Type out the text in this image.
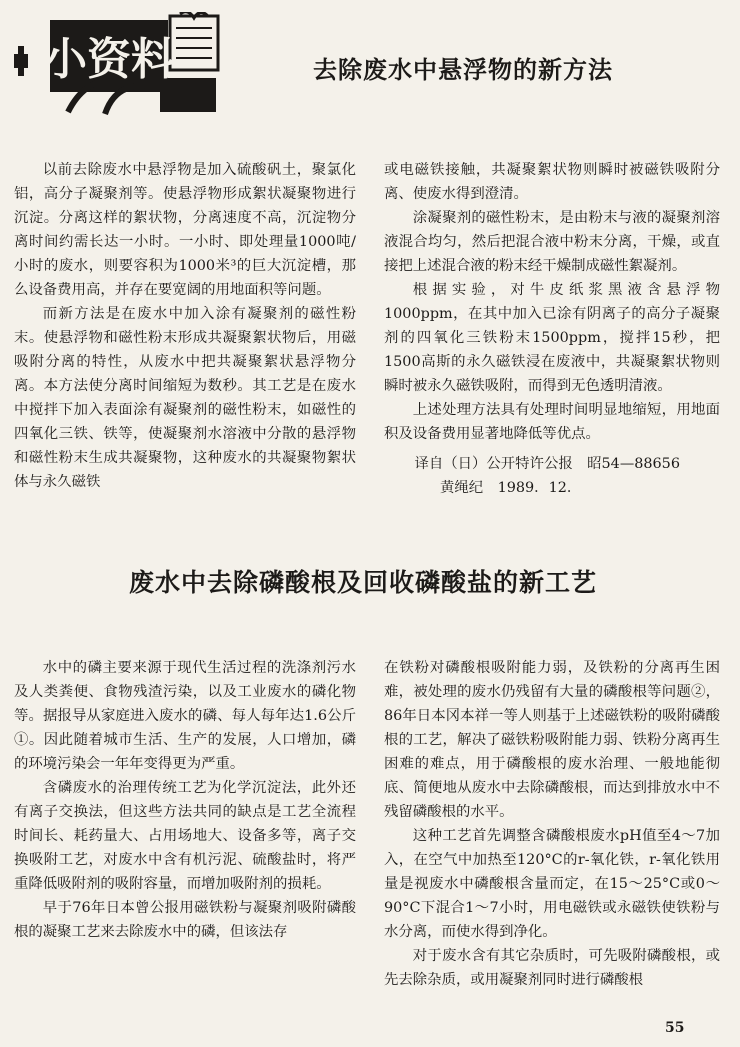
小资料	去除废水中悬浮物的新方法

以前去除废水中悬浮物是加入硫酸矾土，聚氯化铝，高分子凝聚剂等。使悬浮物形成絮状凝聚物进行沉淀。分离这样的絮状物，分离速度不高，沉淀物分离时间约需长达一小时。一小时、即处理量1000吨/小时的废水，则要容积为1000米³的巨大沉淀槽，那么设备费用高，并存在要宽阔的用地面积等问题。

而新方法是在废水中加入涂有凝聚剂的磁性粉末。使悬浮物和磁性粉末形成共凝聚絮状物后，用磁吸附分离的特性，从废水中把共凝聚絮状悬浮物分离。本方法使分离时间缩短为数秒。其工艺是在废水中搅拌下加入表面涂有凝聚剂的磁性粉末，如磁性的四氧化三铁、铁等，使凝聚剂水溶液中分散的悬浮物和磁性粉末生成共凝聚物，这种废水的共凝聚物絮状体与永久磁铁

或电磁铁接触，共凝聚絮状物则瞬时被磁铁吸附分离、使废水得到澄清。

涂凝聚剂的磁性粉末，是由粉末与液的凝聚剂溶液混合均匀，然后把混合液中粉末分离，干燥，或直接把上述混合液的粉末经干燥制成磁性絮凝剂。

根据实验，对牛皮纸浆黑液含悬浮物1000ppm，在其中加入已涂有阴离子的高分子凝聚剂的四氧化三铁粉末1500ppm，搅拌15秒，把1500高斯的永久磁铁浸在废液中，共凝聚絮状物则瞬时被永久磁铁吸附，而得到无色透明清液。

上述处理方法具有处理时间明显地缩短，用地面积及设备费用显著地降低等优点。

译自（日）公开特许公报　昭54—88656
黄绳纪　1989．12．
废水中去除磷酸根及回收磷酸盐的新工艺

水中的磷主要来源于现代生活过程的洗涤剂污水及人类粪便、食物残渣污染，以及工业废水的磷化物等。据报导从家庭进入废水的磷、每人每年达1.6公斤①。因此随着城市生活、生产的发展，人口增加，磷的环境污染会一年年变得更为严重。

含磷废水的治理传统工艺为化学沉淀法，此外还有离子交换法，但这些方法共同的缺点是工艺全流程时间长、耗药量大、占用场地大、设备多等，离子交换吸附工艺，对废水中含有机污泥、硫酸盐时，将严重降低吸附剂的吸附容量，而增加吸附剂的损耗。

早于76年日本曾公报用磁铁粉与凝聚剂吸附磷酸根的凝聚工艺来去除废水中的磷，但该法存

在铁粉对磷酸根吸附能力弱，及铁粉的分离再生困难，被处理的废水仍残留有大量的磷酸根等问题②，86年日本冈本祥一等人则基于上述磁铁粉的吸附磷酸根的工艺，解决了磁铁粉吸附能力弱、铁粉分离再生困难的难点，用于磷酸根的废水治理、一般地能彻底、简便地从废水中去除磷酸根，而达到排放水中不残留磷酸根的水平。

这种工艺首先调整含磷酸根废水pH值至4～7加入，在空气中加热至120°C的r-氧化铁，r-氧化铁用量是视废水中磷酸根含量而定，在15～25°C或0～90°C下混合1～7小时，用电磁铁或永磁铁使铁粉与水分离，而使水得到净化。

对于废水含有其它杂质时，可先吸附磷酸根，或先去除杂质，或用凝聚剂同时进行磷酸根

55
